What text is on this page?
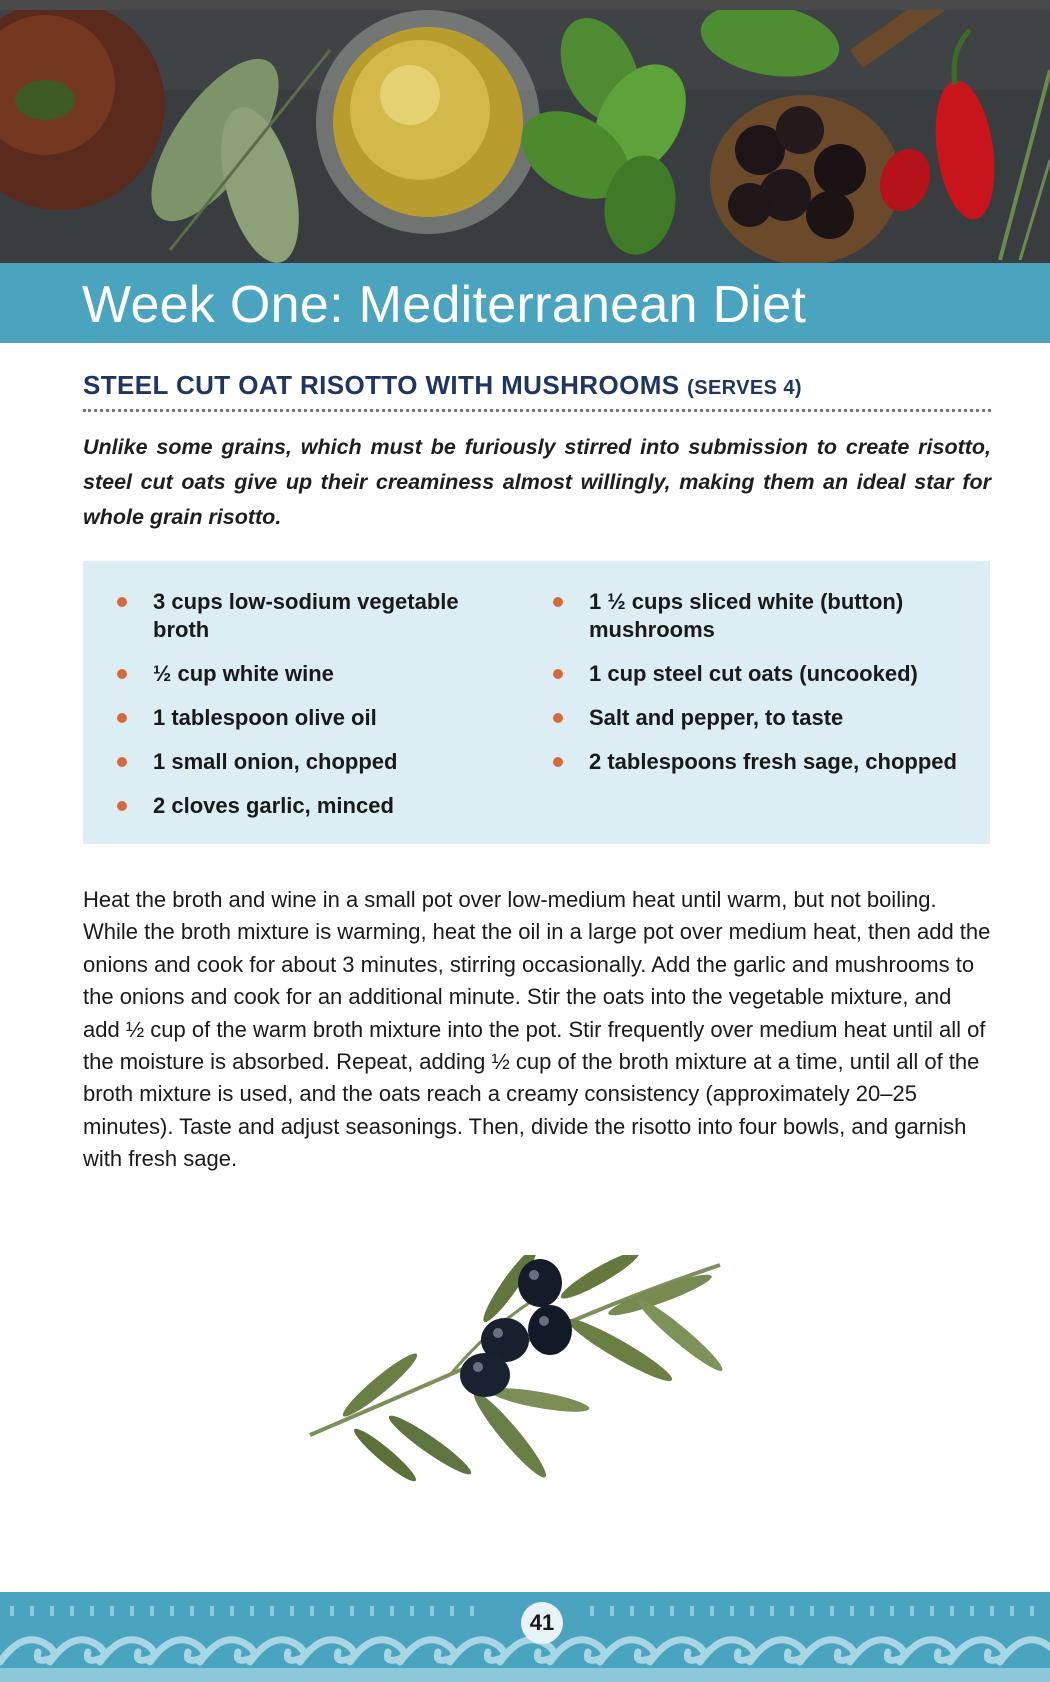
Week One: Mediterranean Diet
STEEL CUT OAT RISOTTO WITH MUSHROOMS (SERVES 4)

Unlike some grains, which must be furiously stirred into submission to create risotto, steel cut oats give up their creaminess almost willingly, making them an ideal star for whole grain risotto.

3 cups low-sodium vegetable broth
½ cup white wine
1 tablespoon olive oil
1 small onion, chopped
2 cloves garlic, minced
1 ½ cups sliced white (button) mushrooms
1 cup steel cut oats (uncooked)
Salt and pepper, to taste
2 tablespoons fresh sage, chopped

Heat the broth and wine in a small pot over low-medium heat until warm, but not boiling. While the broth mixture is warming, heat the oil in a large pot over medium heat, then add the onions and cook for about 3 minutes, stirring occasionally. Add the garlic and mushrooms to the onions and cook for an additional minute. Stir the oats into the vegetable mixture, and add ½ cup of the warm broth mixture into the pot. Stir frequently over medium heat until all of the moisture is absorbed. Repeat, adding ½ cup of the broth mixture at a time, until all of the broth mixture is used, and the oats reach a creamy consistency (approximately 20–25 minutes). Taste and adjust seasonings. Then, divide the risotto into four bowls, and garnish with fresh sage.

41
